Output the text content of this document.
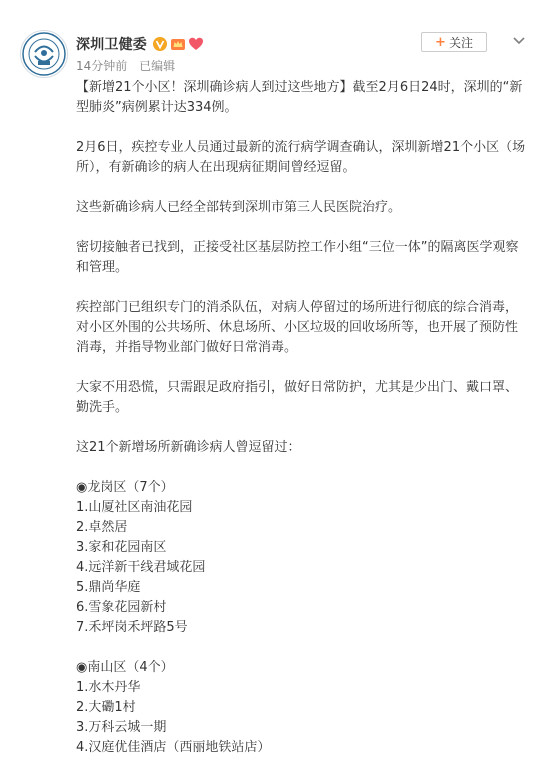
深圳卫健委
14分钟前 已编辑
+ 关注

【新增21个小区！深圳确诊病人到过这些地方】截至2月6日24时，深圳的“新型肺炎”病例累计达334例。

2月6日，疾控专业人员通过最新的流行病学调查确认，深圳新增21个小区（场所），有新确诊的病人在出现病征期间曾经逗留。

这些新确诊病人已经全部转到深圳市第三人民医院治疗。

密切接触者已找到，正接受社区基层防控工作小组“三位一体”的隔离医学观察和管理。

疾控部门已组织专门的消杀队伍，对病人停留过的场所进行彻底的综合消毒，对小区外围的公共场所、休息场所、小区垃圾的回收场所等，也开展了预防性消毒，并指导物业部门做好日常消毒。

大家不用恐慌，只需跟足政府指引，做好日常防护，尤其是少出门、戴口罩、勤洗手。

这21个新增场所新确诊病人曾逗留过：

◉龙岗区（7个）

1.山厦社区南油花园

2.卓然居

3.家和花园南区

4.远洋新干线君域花园

5.鼎尚华庭

6.雪象花园新村

7.禾坪岗禾坪路5号

◉南山区（4个）

1.水木丹华

2.大磡1村

3.万科云城一期

4.汉庭优佳酒店（西丽地铁站店）
